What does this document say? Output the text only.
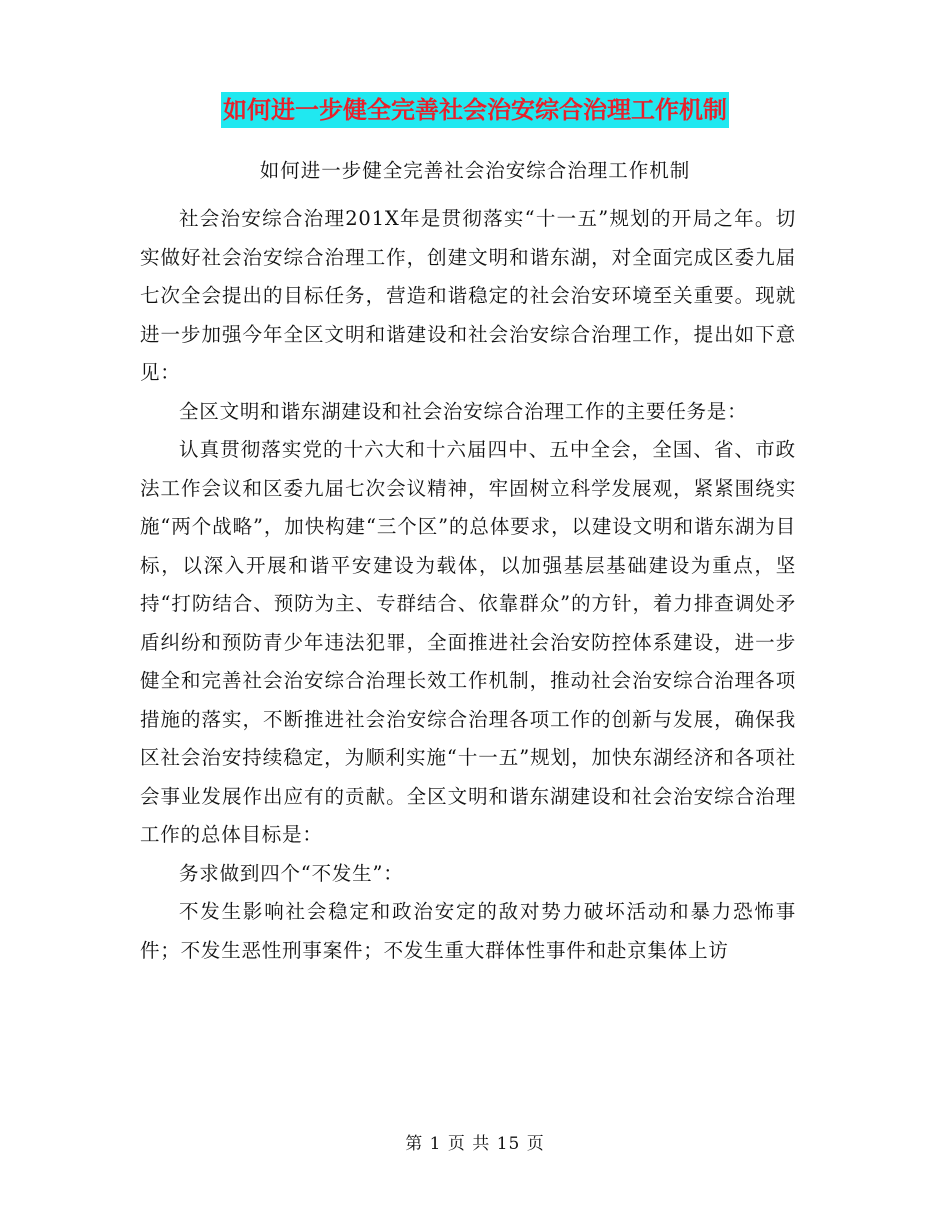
如何进一步健全完善社会治安综合治理工作机制
如何进一步健全完善社会治安综合治理工作机制

社会治安综合治理201X年是贯彻落实“十一五”规划的开局之年。切实做好社会治安综合治理工作，创建文明和谐东湖，对全面完成区委九届七次全会提出的目标任务，营造和谐稳定的社会治安环境至关重要。现就进一步加强今年全区文明和谐建设和社会治安综合治理工作，提出如下意见：

全区文明和谐东湖建设和社会治安综合治理工作的主要任务是：

认真贯彻落实党的十六大和十六届四中、五中全会，全国、省、市政法工作会议和区委九届七次会议精神，牢固树立科学发展观，紧紧围绕实施“两个战略”，加快构建“三个区”的总体要求，以建设文明和谐东湖为目标，以深入开展和谐平安建设为载体，以加强基层基础建设为重点，坚持“打防结合、预防为主、专群结合、依靠群众”的方针，着力排查调处矛盾纠纷和预防青少年违法犯罪，全面推进社会治安防控体系建设，进一步健全和完善社会治安综合治理长效工作机制，推动社会治安综合治理各项措施的落实，不断推进社会治安综合治理各项工作的创新与发展，确保我区社会治安持续稳定，为顺利实施“十一五”规划，加快东湖经济和各项社会事业发展作出应有的贡献。全区文明和谐东湖建设和社会治安综合治理工作的总体目标是：

务求做到四个“不发生”：

不发生影响社会稳定和政治安定的敌对势力破坏活动和暴力恐怖事件；不发生恶性刑事案件；不发生重大群体性事件和赴京集体上访

第 1 页 共 15 页
